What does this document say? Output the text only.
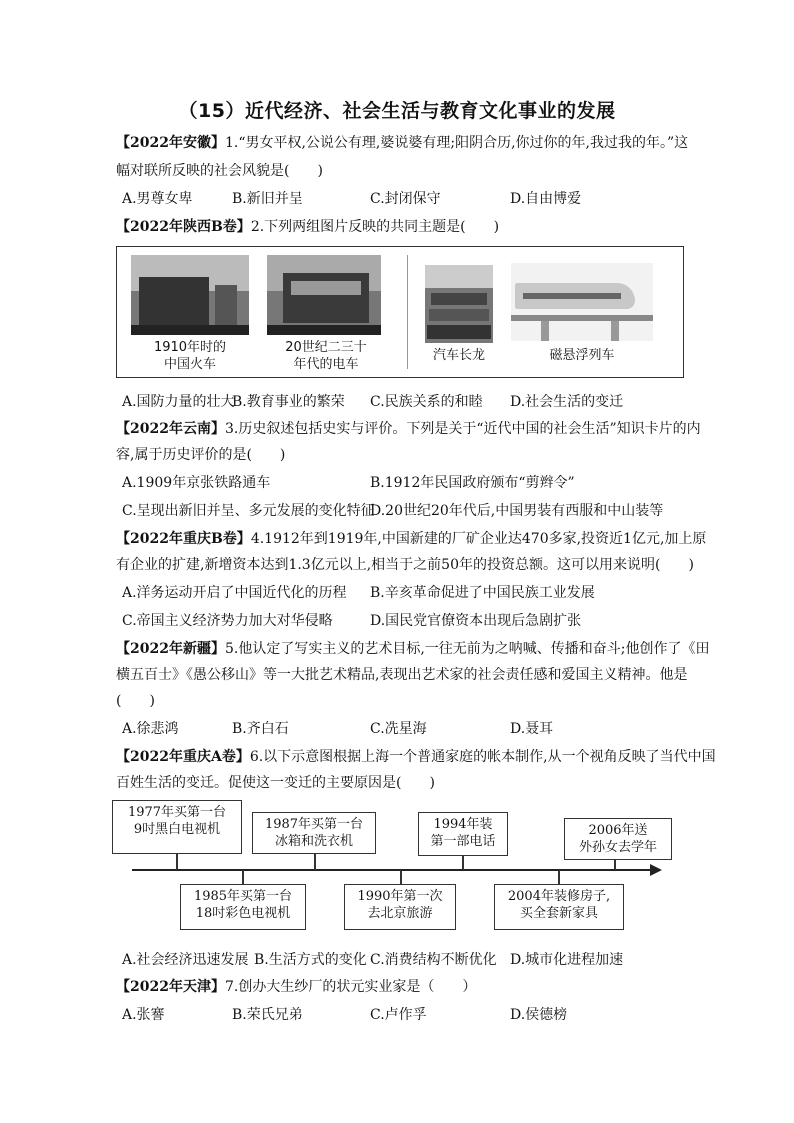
（15）近代经济、社会生活与教育文化事业的发展
【2022年安徽】1.“男女平权,公说公有理,婆说婆有理;阳阴合历,你过你的年,我过我的年。”这
幅对联所反映的社会风貌是(　　)
A.男尊女卑	B.新旧并呈	C.封闭保守	D.自由博爱
【2022年陕西B卷】2.下列两组图片反映的共同主题是(　　)
1910年时的
中国火车
20世纪二三十
年代的电车
汽车长龙	磁悬浮列车
A.国防力量的壮大
B.教育事业的繁荣 C.民族关系的和睦 D.社会生活的变迁
【2022年云南】3.历史叙述包括史实与评价。下列是关于“近代中国的社会生活”知识卡片的内
容,属于历史评价的是(　　)
A.1909年京张铁路通车	B.1912年民国政府颁布“剪辫令”
C.呈现出新旧并呈、多元发展的变化特征
D.20世纪20年代后,中国男装有西服和中山装等
【2022年重庆B卷】4.1912年到1919年,中国新建的厂矿企业达470多家,投资近1亿元,加上原
有企业的扩建,新增资本达到1.3亿元以上,相当于之前50年的投资总额。这可以用来说明(　　)
A.洋务运动开启了中国近代化的历程 B.辛亥革命促进了中国民族工业发展
C.帝国主义经济势力加大对华侵略	D.国民党官僚资本出现后急剧扩张
【2022年新疆】5.他认定了写实主义的艺术目标,一往无前为之呐喊、传播和奋斗;他创作了《田
横五百士》《愚公移山》等一大批艺术精品,表现出艺术家的社会责任感和爱国主义精神。他是
(　　)
A.徐悲鸿	B.齐白石	C.冼星海	D.聂耳
【2022年重庆A卷】6.以下示意图根据上海一个普通家庭的帐本制作,从一个视角反映了当代中国
百姓生活的变迁。促使这一变迁的主要原因是(　　)
1977年买第一台
9吋黑白电视机	1987年买第一台
冰箱和洗衣机
1994年装
第一部电话
2006年送
外孙女去学年
1985年买第一台
18吋彩色电视机
1990年第一次
去北京旅游
2004年装修房子,
买全套新家具
A.社会经济迅速发展 B.生活方式的变化 C.消费结构不断优化 D.城市化进程加速
【2022年天津】7.创办大生纱厂的状元实业家是（　　）
A.张謇	B.荣氏兄弟	C.卢作孚	D.侯德榜
